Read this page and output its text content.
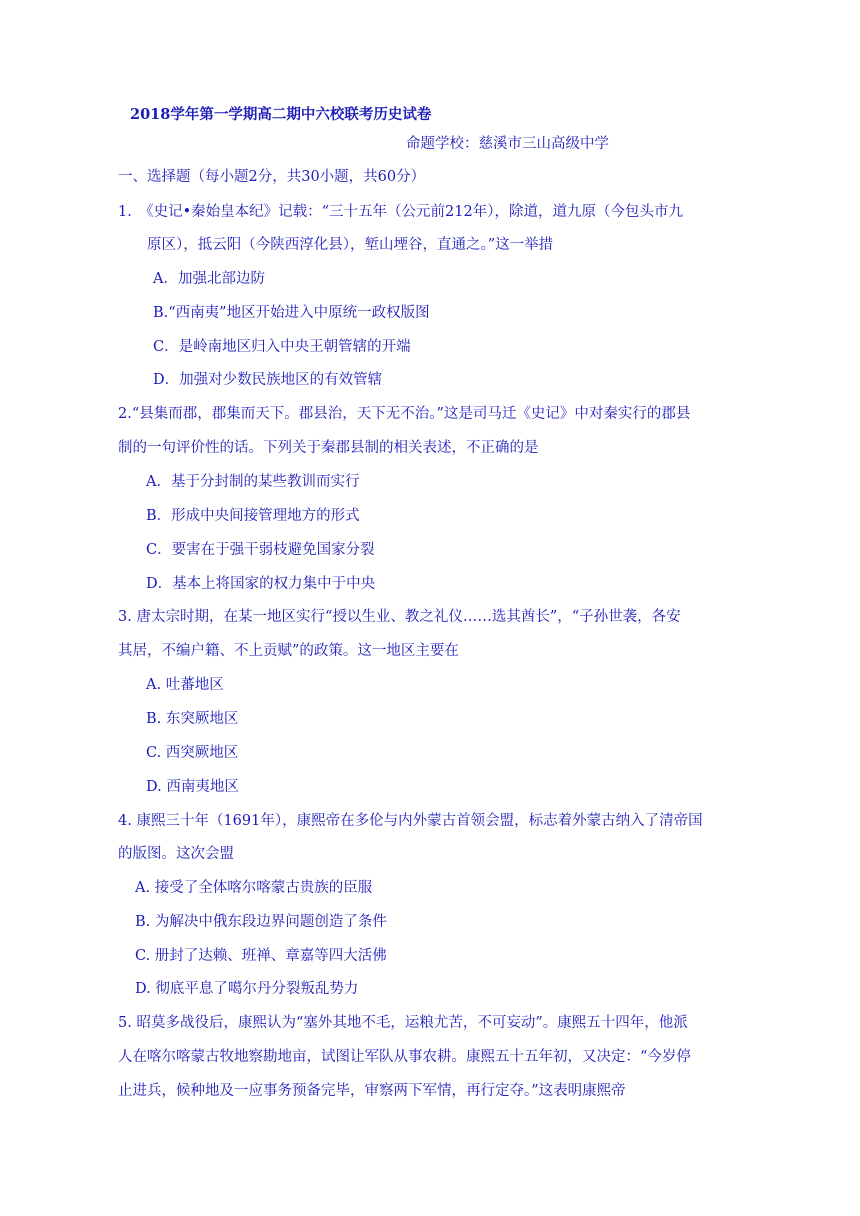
2018学年第一学期高二期中六校联考历史试卷
命题学校：慈溪市三山高级中学
一、选择题（每小题2分，共30小题，共60分）
1.　《史记•秦始皇本纪》记载：“三十五年（公元前212年），除道，道九原（今包头市九
原区），抵云阳（今陕西淳化县），堑山堙谷，直通之。”这一举措
A．加强北部边防
B.“西南夷”地区开始进入中原统一政权版图
C．是岭南地区归入中央王朝管辖的开端
D．加强对少数民族地区的有效管辖
2.“县集而郡，郡集而天下。郡县治，天下无不治。”这是司马迁《史记》中对秦实行的郡县
制的一句评价性的话。下列关于秦郡县制的相关表述，不正确的是
A．基于分封制的某些教训而实行
B．形成中央间接管理地方的形式
C．要害在于强干弱枝避免国家分裂
D．基本上将国家的权力集中于中央
3. 唐太宗时期，在某一地区实行“授以生业、教之礼仪……选其酋长”，“子孙世袭，各安
其居，不编户籍、不上贡赋”的政策。这一地区主要在
A. 吐蕃地区
B. 东突厥地区
C. 西突厥地区
D. 西南夷地区
4. 康熙三十年（1691年），康熙帝在多伦与内外蒙古首领会盟，标志着外蒙古纳入了清帝国
的版图。这次会盟
A. 接受了全体喀尔喀蒙古贵族的臣服
B. 为解决中俄东段边界问题创造了条件
C. 册封了达赖、班禅、章嘉等四大活佛
D. 彻底平息了噶尔丹分裂叛乱势力
5. 昭莫多战役后，康熙认为“塞外其地不毛，运粮尤苦，不可妄动”。康熙五十四年，他派
人在喀尔喀蒙古牧地察勘地亩，试图让军队从事农耕。康熙五十五年初，又决定：“今岁停
止进兵，候种地及一应事务预备完毕，审察两下军情，再行定夺。”这表明康熙帝
